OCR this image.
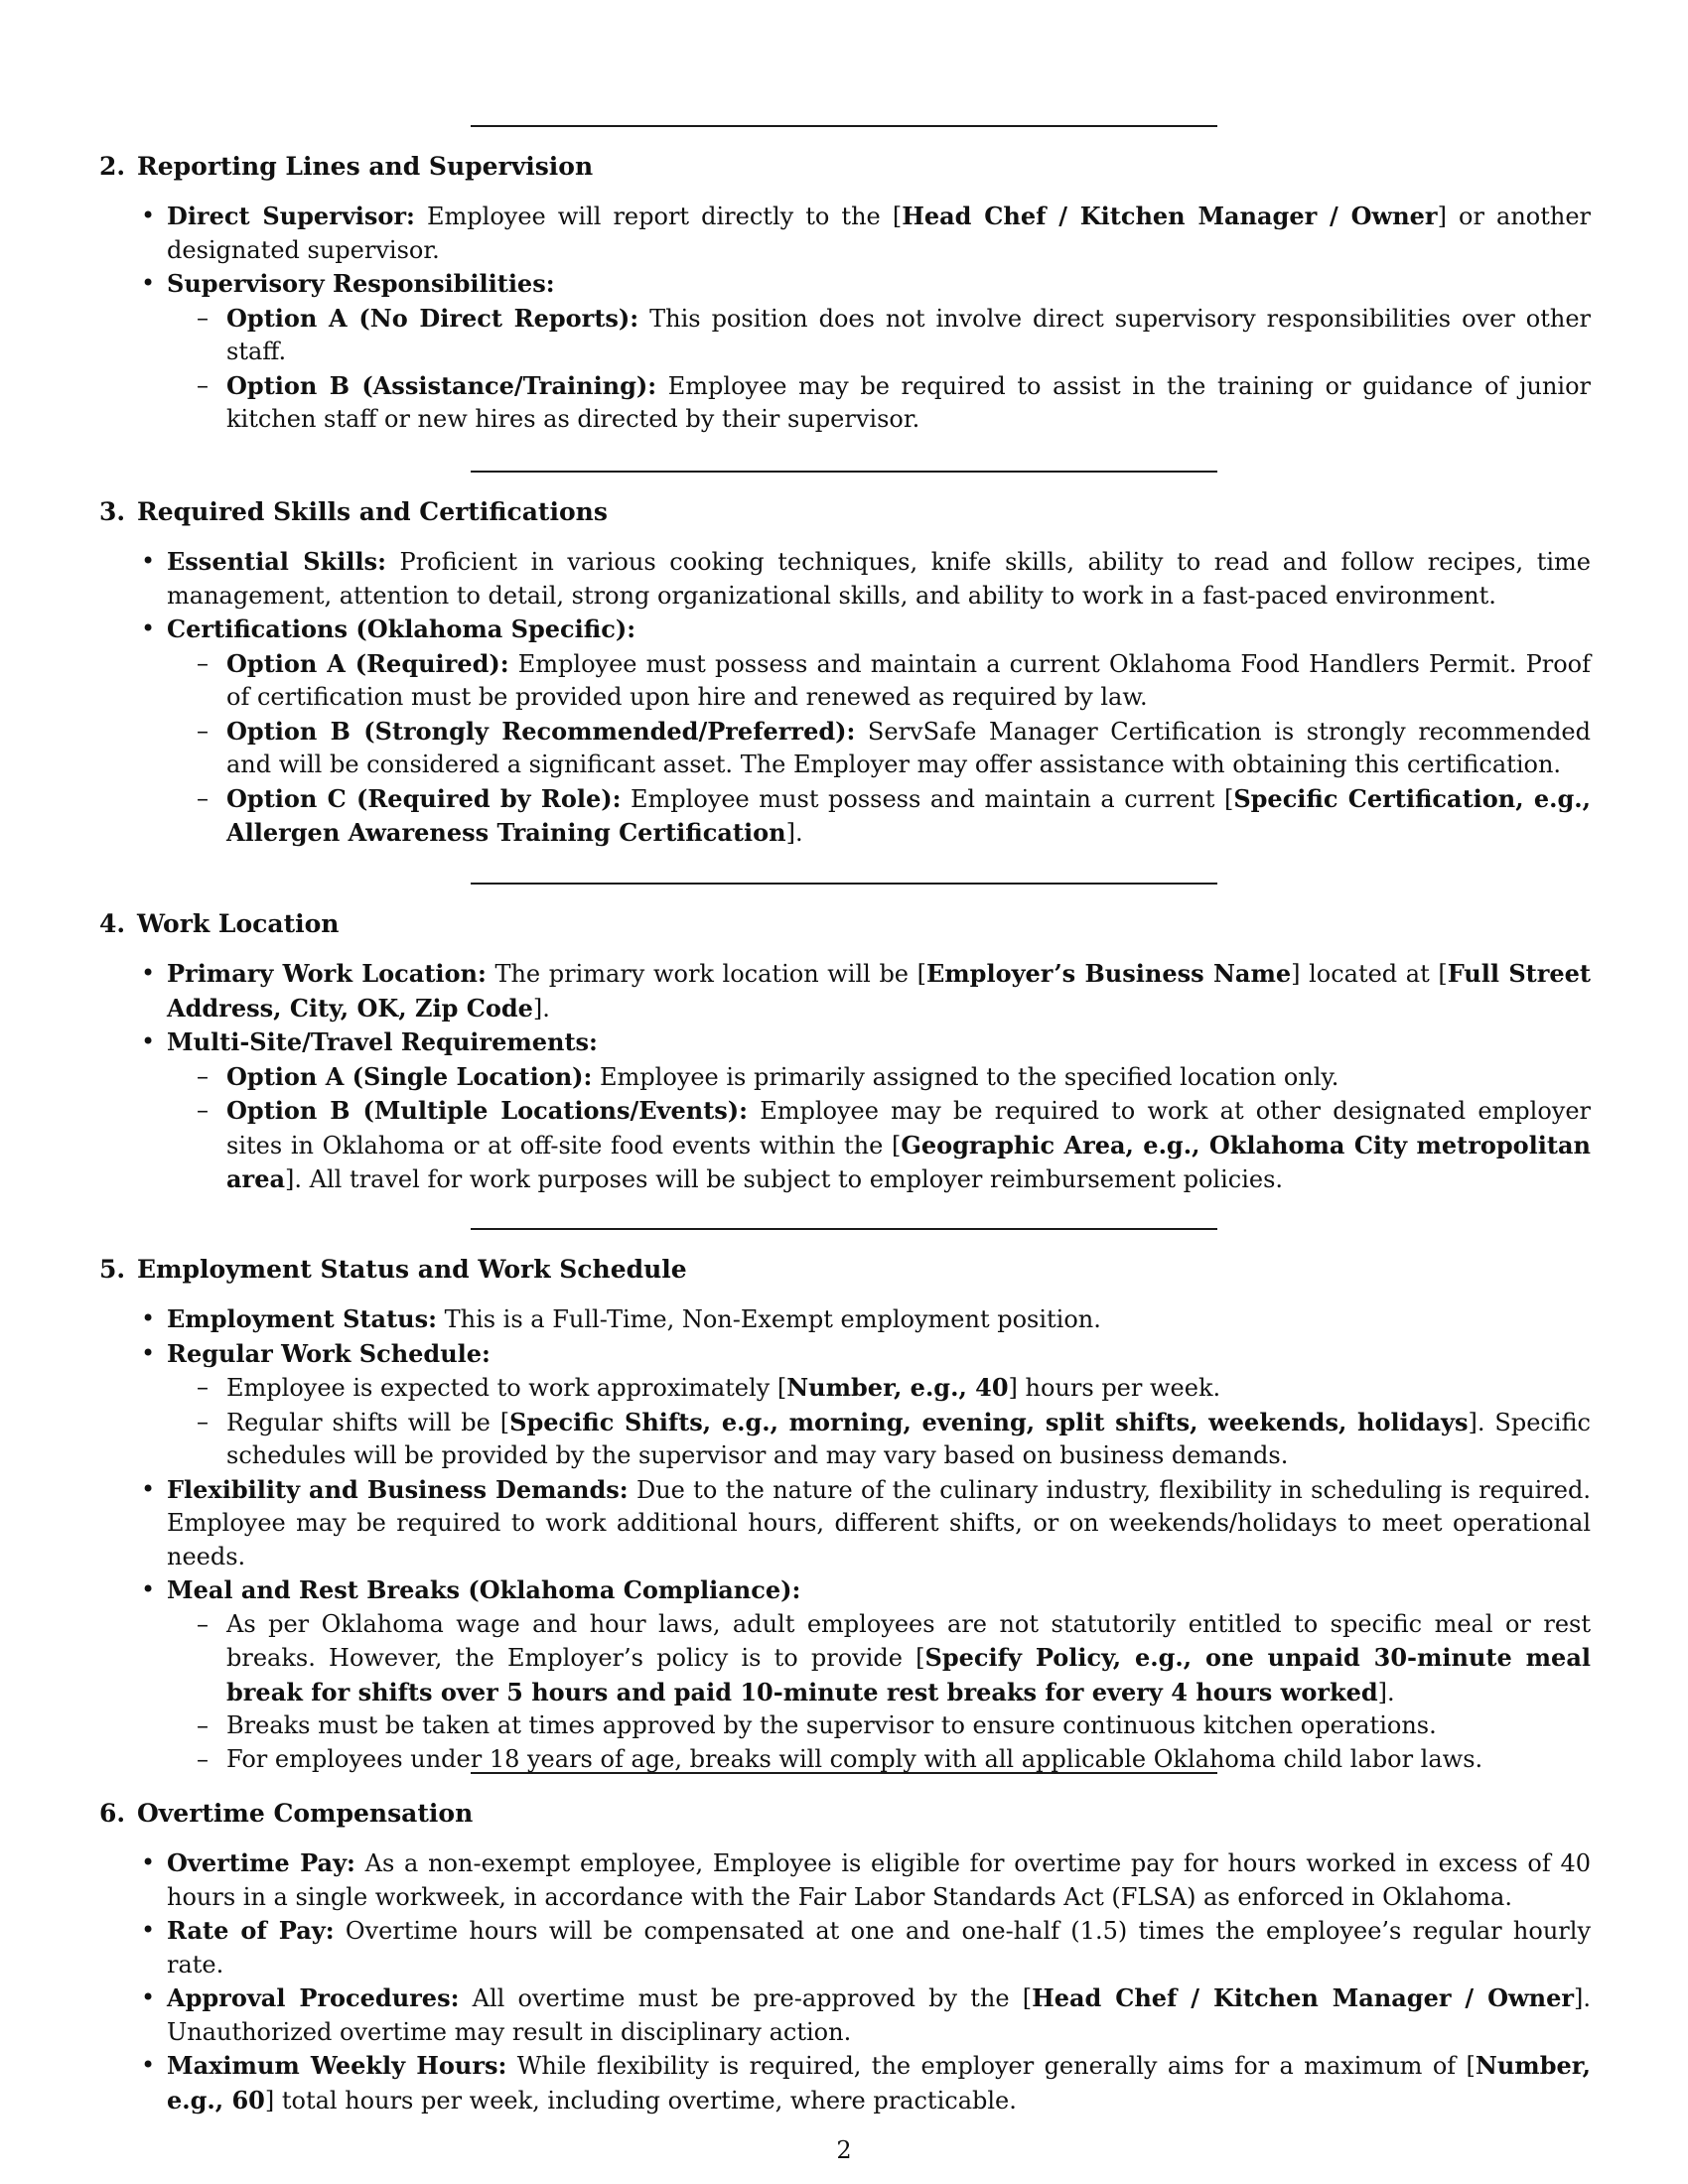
2. Reporting Lines and Supervision
• Direct Supervisor: Employee will report directly to the [Head Chef / Kitchen Manager / Owner] or another designated supervisor.
• Supervisory Responsibilities:
– Option A (No Direct Reports): This position does not involve direct supervisory responsibilities over other staff.
– Option B (Assistance/Training): Employee may be required to assist in the training or guidance of junior kitchen staff or new hires as directed by their supervisor.
3. Required Skills and Certifications
• Essential Skills: Proficient in various cooking techniques, knife skills, ability to read and follow recipes, time management, attention to detail, strong organizational skills, and ability to work in a fast-paced environment.
• Certifications (Oklahoma Specific):
– Option A (Required): Employee must possess and maintain a current Oklahoma Food Handlers Permit. Proof of certification must be provided upon hire and renewed as required by law.
– Option B (Strongly Recommended/Preferred): ServSafe Manager Certification is strongly recommended and will be considered a significant asset. The Employer may offer assistance with obtaining this certification.
– Option C (Required by Role): Employee must possess and maintain a current [Specific Certification, e.g., Allergen Awareness Training Certification].
4. Work Location
• Primary Work Location: The primary work location will be [Employer’s Business Name] located at [Full Street Address, City, OK, Zip Code].
• Multi-Site/Travel Requirements:
– Option A (Single Location): Employee is primarily assigned to the specified location only.
– Option B (Multiple Locations/Events): Employee may be required to work at other designated employer sites in Oklahoma or at off-site food events within the [Geographic Area, e.g., Oklahoma City metropolitan area]. All travel for work purposes will be subject to employer reimbursement policies.
5. Employment Status and Work Schedule
• Employment Status: This is a Full-Time, Non-Exempt employment position.
• Regular Work Schedule:
– Employee is expected to work approximately [Number, e.g., 40] hours per week.
– Regular shifts will be [Specific Shifts, e.g., morning, evening, split shifts, weekends, holidays]. Specific schedules will be provided by the supervisor and may vary based on business demands.
• Flexibility and Business Demands: Due to the nature of the culinary industry, flexibility in scheduling is required. Employee may be required to work additional hours, different shifts, or on weekends/holidays to meet operational needs.
• Meal and Rest Breaks (Oklahoma Compliance):
– As per Oklahoma wage and hour laws, adult employees are not statutorily entitled to specific meal or rest breaks. However, the Employer’s policy is to provide [Specify Policy, e.g., one unpaid 30-minute meal break for shifts over 5 hours and paid 10-minute rest breaks for every 4 hours worked].
– Breaks must be taken at times approved by the supervisor to ensure continuous kitchen operations.
– For employees under 18 years of age, breaks will comply with all applicable Oklahoma child labor laws.
6. Overtime Compensation
• Overtime Pay: As a non-exempt employee, Employee is eligible for overtime pay for hours worked in excess of 40 hours in a single workweek, in accordance with the Fair Labor Standards Act (FLSA) as enforced in Oklahoma.
• Rate of Pay: Overtime hours will be compensated at one and one-half (1.5) times the employee’s regular hourly rate.
• Approval Procedures: All overtime must be pre-approved by the [Head Chef / Kitchen Manager / Owner]. Unauthorized overtime may result in disciplinary action.
• Maximum Weekly Hours: While flexibility is required, the employer generally aims for a maximum of [Number, e.g., 60] total hours per week, including overtime, where practicable.
2
